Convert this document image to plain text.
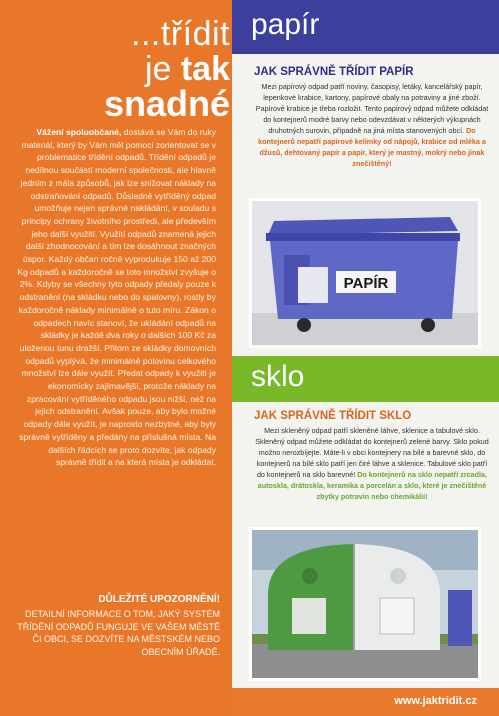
...třídit
je tak
snadné
Vážení spoluobčané, dostává se Vám do ruky materiál, který by Vám měl pomoci zorientovat se v problematice třídění odpadů. Třídění odpadů je nedílnou součástí moderní společnosti, ale hlavně jedním z mála způsobů, jak lze snižovat náklady na odstraňování odpadů. Důsledně vytříděný odpad umožňuje nejen správné nakládání, v souladu s principy ochrany životního prostředí, ale především jeho další využití. Využití odpadů znamená jejich další zhodnocování a tím lze dosáhnout značných úspor. Každý občan ročně vyprodukuje 150 až 200 Kg odpadů a každoročně se toto množství zvyšuje o 2%. Kdyby se všechny tyto odpady předaly pouze k odstranění (na skládku nebo do spalovny), rostly by každoročně náklady minimálně o tuto míru. Zákon o odpadech navíc stanoví, že ukládání odpadů na skládky je každé dva roky o dalších 100 Kč za uloženou tunu dražší. Přitom ze skládky domovních odpadů vyplývá, že minimálně polovinu celkového množství lze dále využít. Předat odpady k využití je ekonomicky zajímavější, protože náklady na zpracování vytříděného odpadu jsou nižší, než na jejich odstranění. Avšak pouze, aby bylo možné odpady dále využít, je naprosto nezbytné, aby byly správně vytříděny a předány na příslušná místa. Na dalších řádcích se proto dozvíte, jak odpady správně třídit a na která místa je odkládat.
DŮLEŽITÉ UPOZORNĚNÍ!
DETAILNÍ INFORMACE O TOM, JAKÝ SYSTÉM TŘÍDĚNÍ ODPADŮ FUNGUJE VE VAŠEM MĚSTĚ ČI OBCI, SE DOZVÍTE NA MĚSTSKÉM NEBO OBECNÍM ÚŘADĚ.
papír
JAK SPRÁVNĚ TŘÍDIT PAPÍR
Mezi papírový odpad patří noviny, časopisy, letáky, kancelářský papír, lepenkové krabice, kartony, papírové obaly na potraviny a jiné zboží. Papírové krabice je třeba rozložit. Tento papírový odpad můžete odkládat do kontejnerů modré barvy nebo odevzdávat v některých výkupnách druhotných surovin, případně na jiná místa stanovených obcí. Do kontejnerů nepatří papírové kelímky od nápojů, krabice od mléka a džusů, dehtovaný papír a papír, který je mastný, mokrý nebo jinak znečištěný!
PAPÍR
sklo
JAK SPRÁVNĚ TŘÍDIT SKLO
Mezi skleněný odpad patří skleněné láhve, sklenice a tabulové sklo. Skleněný odpad můžete odkládat do kontejnerů zelené barvy. Sklo pokud možno nerozbíjejte. Máte-li v obci kontejnery na bílé a barevné sklo, do kontejnerů na bílé sklo patří jen čiré láhve a sklenice. Tabulové sklo patří do kontejnerů na sklo barevné! Do kontejnerů na sklo nepatří zrcadla, autoskla, drátoskla, keramika a porcelán a sklo, které je znečištěné zbytky potravin nebo chemikálií!
www.jaktridit.cz
